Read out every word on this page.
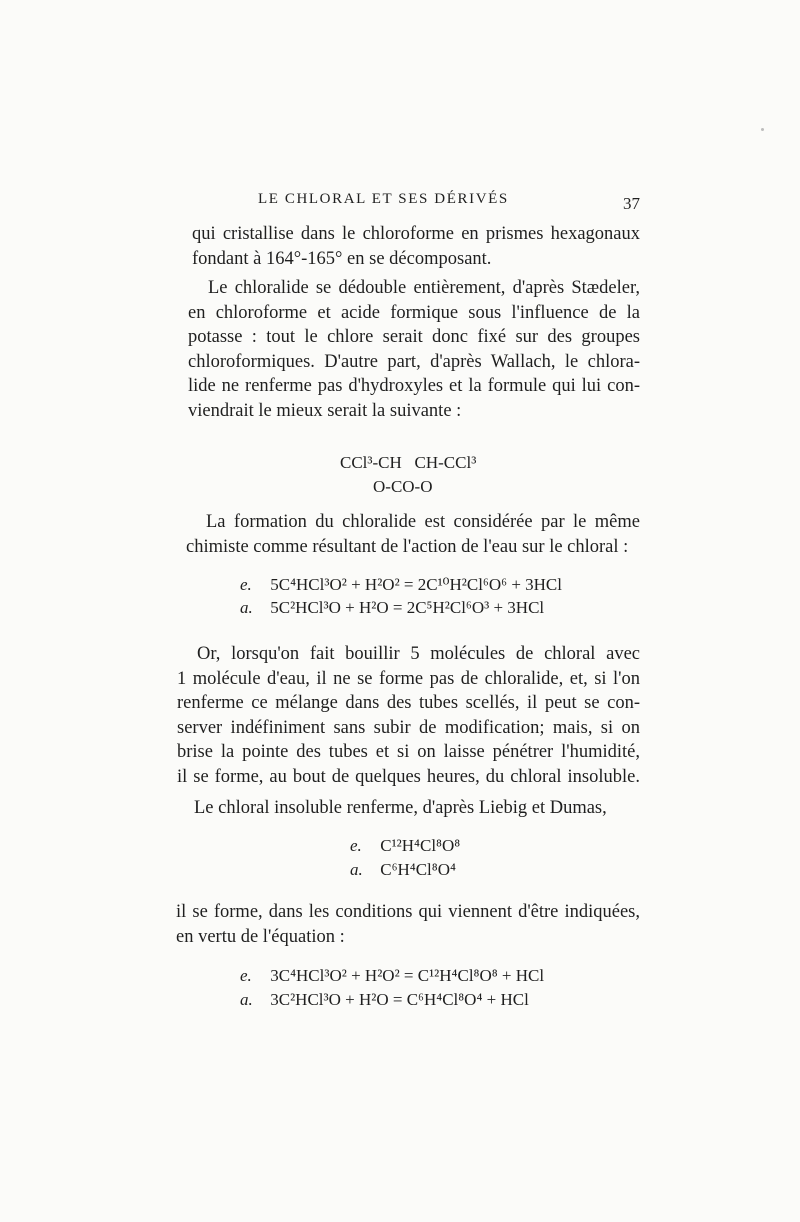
LE CHLORAL ET SES DÉRIVÉS	37
qui cristallise dans le chloroforme en prismes hexagonaux
fondant à 164°-165° en se décomposant.
Le chloralide se dédouble entièrement, d'après Stædeler,
en chloroforme et acide formique sous l'influence de la
potasse : tout le chlore serait donc fixé sur des groupes
chloroformiques. D'autre part, d'après Wallach, le chlora-
lide ne renferme pas d'hydroxyles et la formule qui lui con-
viendrait le mieux serait la suivante :
CCl³-CH   CH-CCl³
O-CO-O
La formation du chloralide est considérée par le même
chimiste comme résultant de l'action de l'eau sur le chloral :
e. 5C⁴HCl³O² + H²O² = 2C¹⁰H²Cl⁶O⁶ + 3HCl
a. 5C²HCl³O + H²O = 2C⁵H²Cl⁶O³ + 3HCl
Or, lorsqu'on fait bouillir 5 molécules de chloral avec
1 molécule d'eau, il ne se forme pas de chloralide, et, si l'on
renferme ce mélange dans des tubes scellés, il peut se con-
server indéfiniment sans subir de modification; mais, si on
brise la pointe des tubes et si on laisse pénétrer l'humidité,
il se forme, au bout de quelques heures, du chloral insoluble.
Le chloral insoluble renferme, d'après Liebig et Dumas,
e. C¹²H⁴Cl⁸O⁸
a. C⁶H⁴Cl⁸O⁴
il se forme, dans les conditions qui viennent d'être indiquées,
en vertu de l'équation :
e. 3C⁴HCl³O² + H²O² = C¹²H⁴Cl⁸O⁸ + HCl
a. 3C²HCl³O + H²O = C⁶H⁴Cl⁸O⁴ + HCl
